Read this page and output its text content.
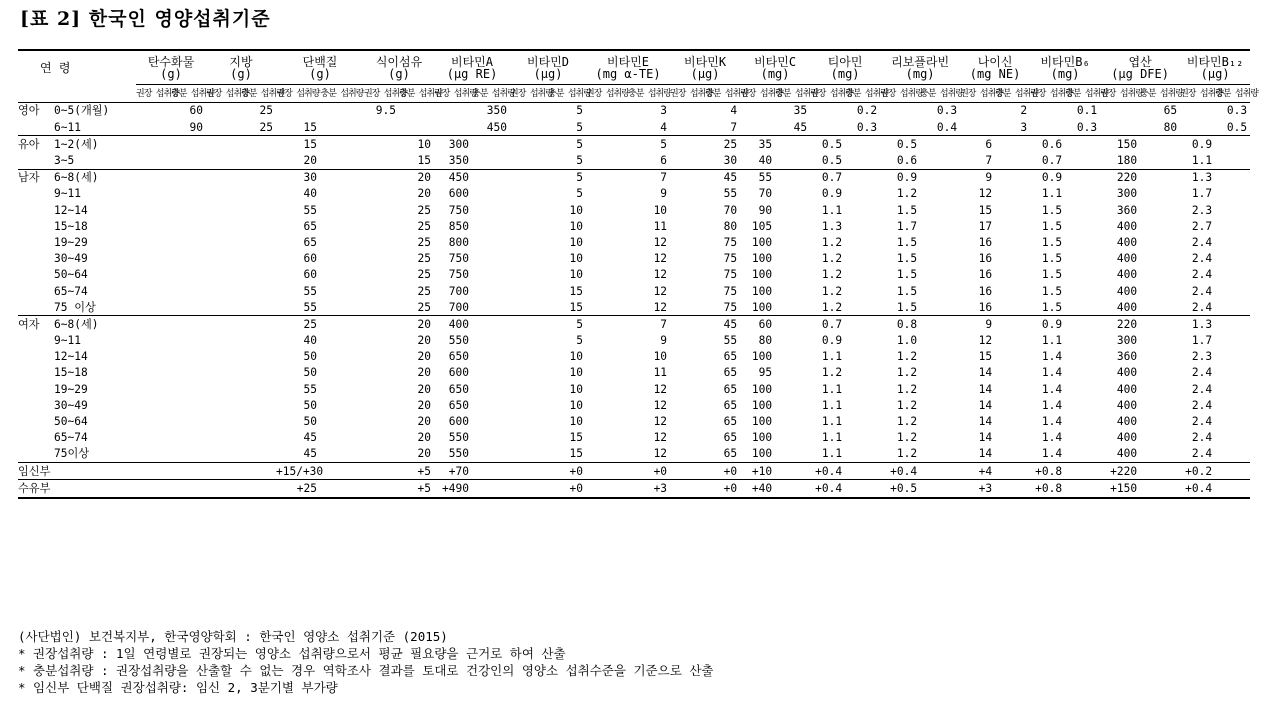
[표 2] 한국인 영양섭취기준
연 령	탄수화물		지방		단백질		식이섬유		비타민A		비타민D		비타민E		비타민K		비타민C		티아민		리보플라빈		나이신		비타민B₆		엽산		비타민B₁₂	
	(g)		(g)		(g)		(g)		(μg RE)		(μg)		(mg α-TE)		(μg)		(mg)		(mg)		(mg)		(mg NE)		(mg)		(μg DFE)		(μg)	
	권장 섭취량	충분 섭취량	권장 섭취량	충분 섭취량	권장 섭취량	충분 섭취량	권장 섭취량	충분 섭취량	권장 섭취량	충분 섭취량	권장 섭취량	충분 섭취량	권장 섭취량	충분 섭취량	권장 섭취량	충분 섭취량	권장 섭취량	충분 섭취량	권장 섭취량	충분 섭취량	권장 섭취량	충분 섭취량	권장 섭취량	충분 섭취량	권장 섭취량	충분 섭취량	권장 섭취량	충분 섭취량	권장 섭취량	충분 섭취량
영아 0~5(개월)		60		25			9.5			350		5		3		4		35		0.2		0.3		2		0.1		65		0.3
6~11		90		25	15					450		5		4		7		45		0.3		0.4		3		0.3		80		0.5
유아 1~2(세)					15			10	300			5		5		25	35		0.5		0.5		6		0.6		150		0.9	
3~5					20			15	350			5		6		30	40		0.5		0.6		7		0.7		180		1.1	
남자 6~8(세)					30			20	450			5		7		45	55		0.7		0.9		9		0.9		220		1.3	
9~11					40			20	600			5		9		55	70		0.9		1.2		12		1.1		300		1.7	
12~14					55			25	750			10		10		70	90		1.1		1.5		15		1.5		360		2.3	
15~18					65			25	850			10		11		80	105		1.3		1.7		17		1.5		400		2.7	
19~29					65			25	800			10		12		75	100		1.2		1.5		16		1.5		400		2.4	
30~49					60			25	750			10		12		75	100		1.2		1.5		16		1.5		400		2.4	
50~64					60			25	750			10		12		75	100		1.2		1.5		16		1.5		400		2.4	
65~74					55			25	700			15		12		75	100		1.2		1.5		16		1.5		400		2.4	
75 이상					55			25	700			15		12		75	100		1.2		1.5		16		1.5		400		2.4	
여자 6~8(세)					25			20	400			5		7		45	60		0.7		0.8		9		0.9		220		1.3	
9~11					40			20	550			5		9		55	80		0.9		1.0		12		1.1		300		1.7	
12~14					50			20	650			10		10		65	100		1.1		1.2		15		1.4		360		2.3	
15~18					50			20	600			10		11		65	95		1.2		1.2		14		1.4		400		2.4	
19~29					55			20	650			10		12		65	100		1.1		1.2		14		1.4		400		2.4	
30~49					50			20	650			10		12		65	100		1.1		1.2		14		1.4		400		2.4	
50~64					50			20	600			10		12		65	100		1.1		1.2		14		1.4		400		2.4	
65~74					45			20	550			15		12		65	100		1.1		1.2		14		1.4		400		2.4	
75이상					45			20	550			15		12		65	100		1.1		1.2		14		1.4		400		2.4	
임신부					+15/+30			+5	+70			+0		+0		+0	+10		+0.4		+0.4		+4		+0.8		+220		+0.2	
수유부					+25			+5	+490			+0		+3		+0	+40		+0.4		+0.5		+3		+0.8		+150		+0.4	
(사단법인) 보건복지부, 한국영양학회 : 한국인 영양소 섭취기준 (2015)
* 권장섭취량 : 1일 연령별로 권장되는 영양소 섭취량으로서 평균 필요량을 근거로 하여 산출
* 충분섭취량 : 권장섭취량을 산출할 수 없는 경우 역학조사 결과를 토대로 건강인의 영양소 섭취수준을 기준으로 산출
* 임신부 단백질 권장섭취량: 임신 2, 3분기별 부가량
